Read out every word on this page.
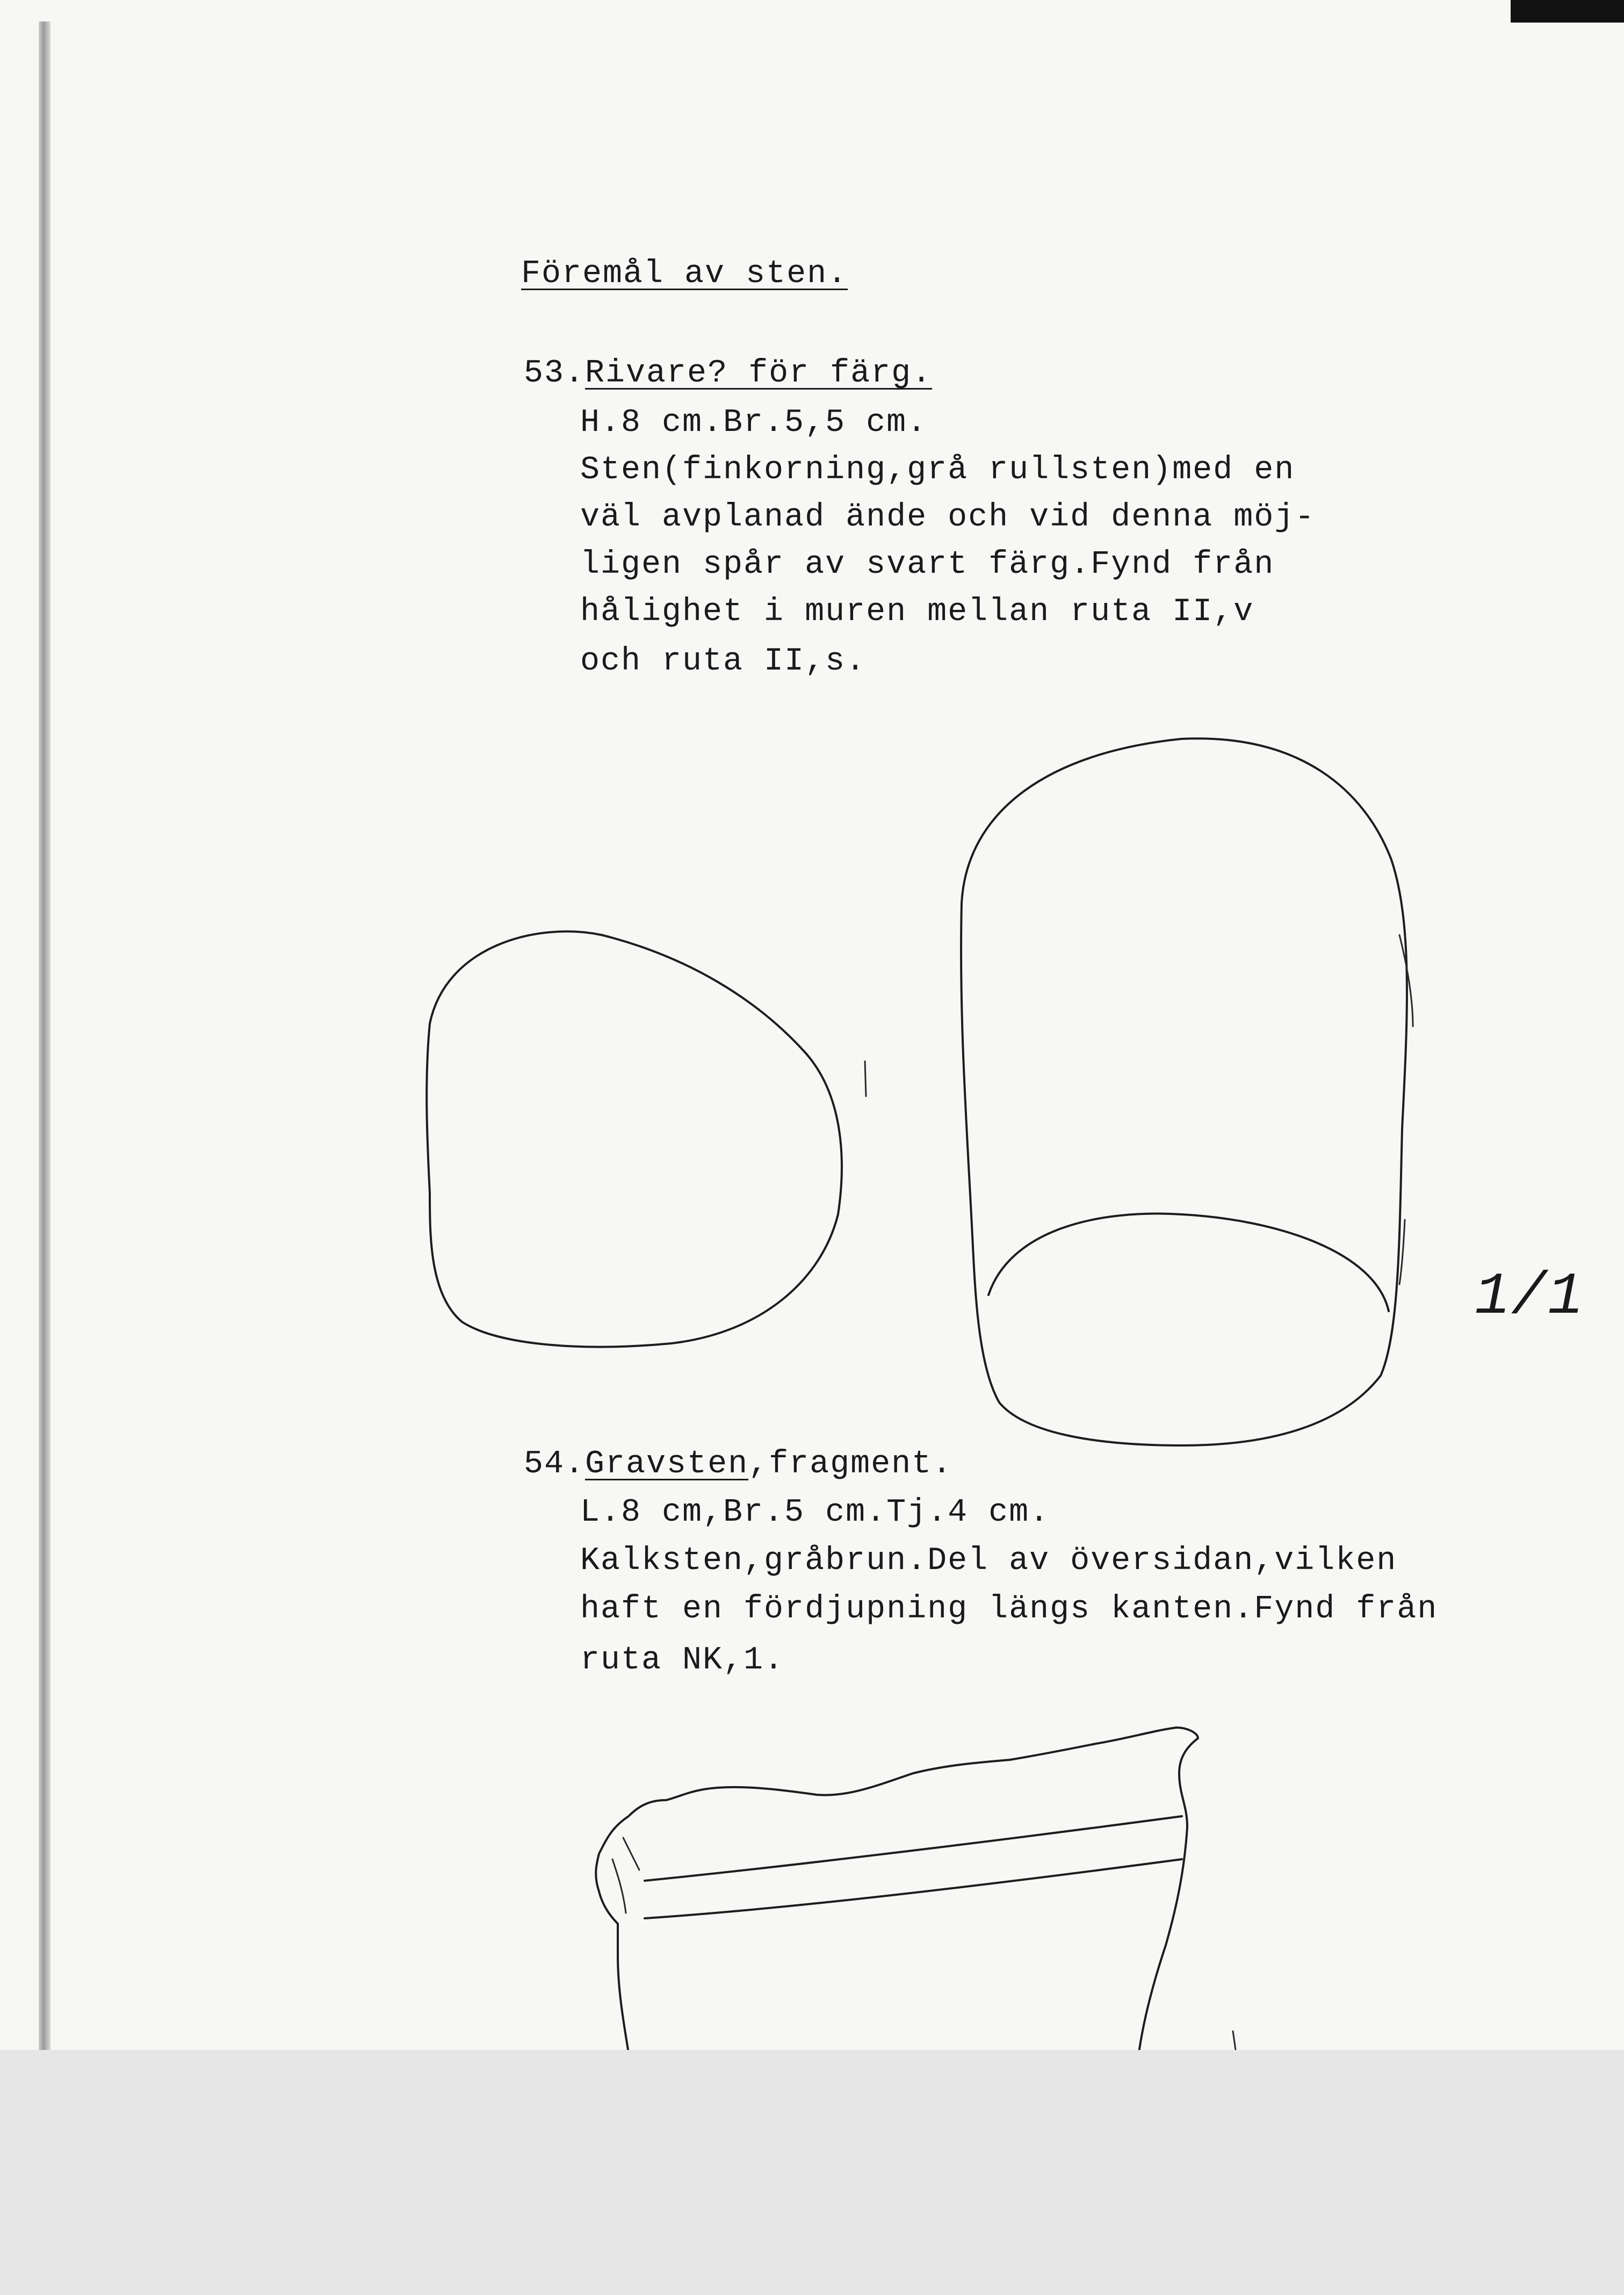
Föremål av sten.
53.Rivare? för färg.
H.8 cm.Br.5,5 cm.
Sten(finkorning,grå rullsten)med en
väl avplanad ände och vid denna möj-
ligen spår av svart färg.Fynd från
hålighet i muren mellan ruta II,v
och ruta II,s.
1/1
54.Gravsten,fragment.
L.8 cm,Br.5 cm.Tj.4 cm.
Kalksten,gråbrun.Del av översidan,vilken
haft en fördjupning längs kanten.Fynd från
ruta NK,1.
